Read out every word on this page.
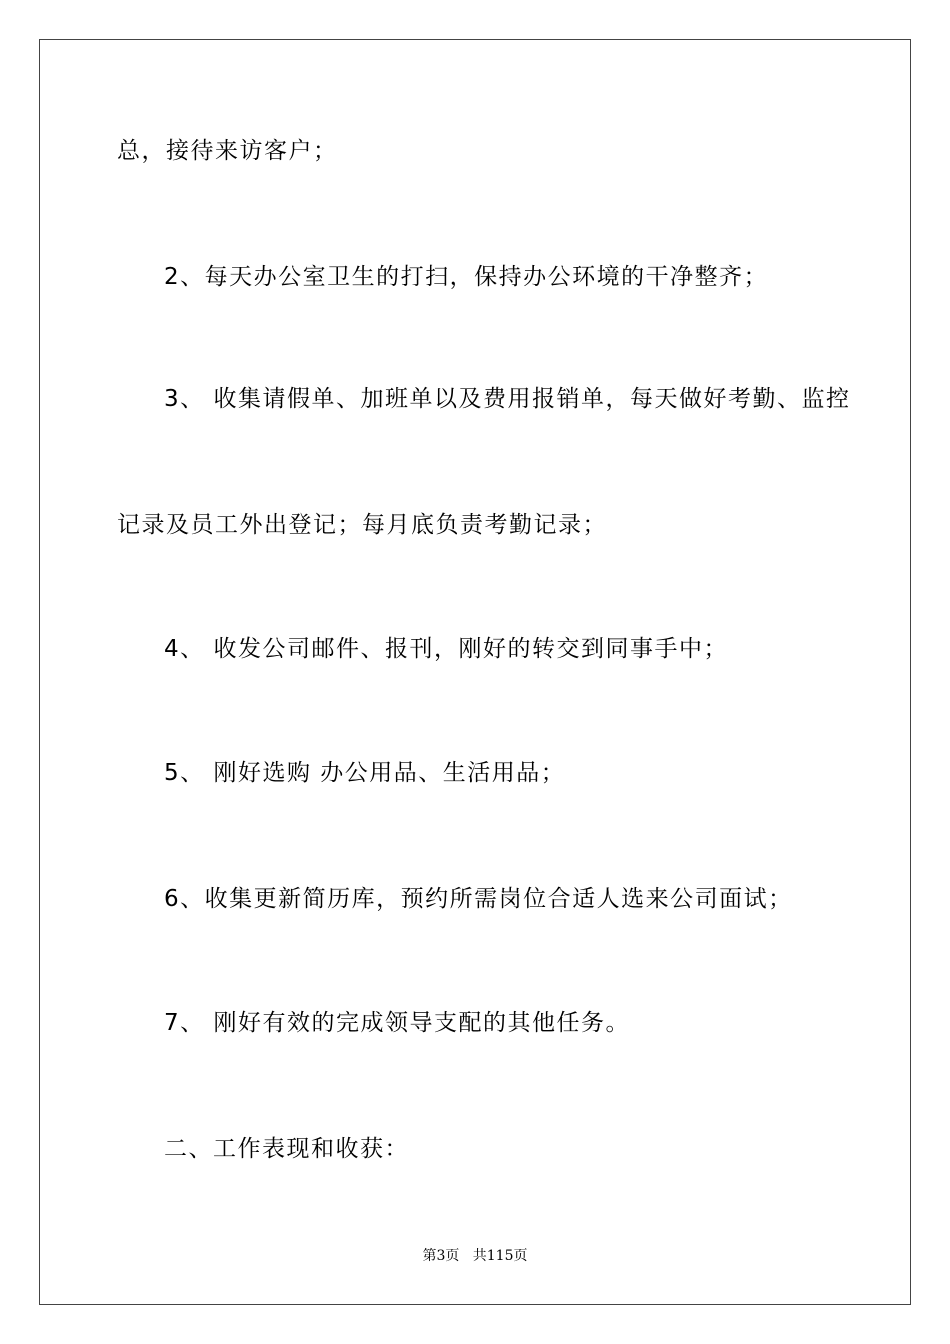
总，接待来访客户；
2、每天办公室卫生的打扫，保持办公环境的干净整齐；
3、 收集请假单、加班单以及费用报销单，每天做好考勤、监控
记录及员工外出登记；每月底负责考勤记录；
4、 收发公司邮件、报刊，刚好的转交到同事手中；
5、 刚好选购 办公用品、生活用品；
6、收集更新简历库，预约所需岗位合适人选来公司面试；
7、 刚好有效的完成领导支配的其他任务。
二、工作表现和收获：
第3页   共115页
